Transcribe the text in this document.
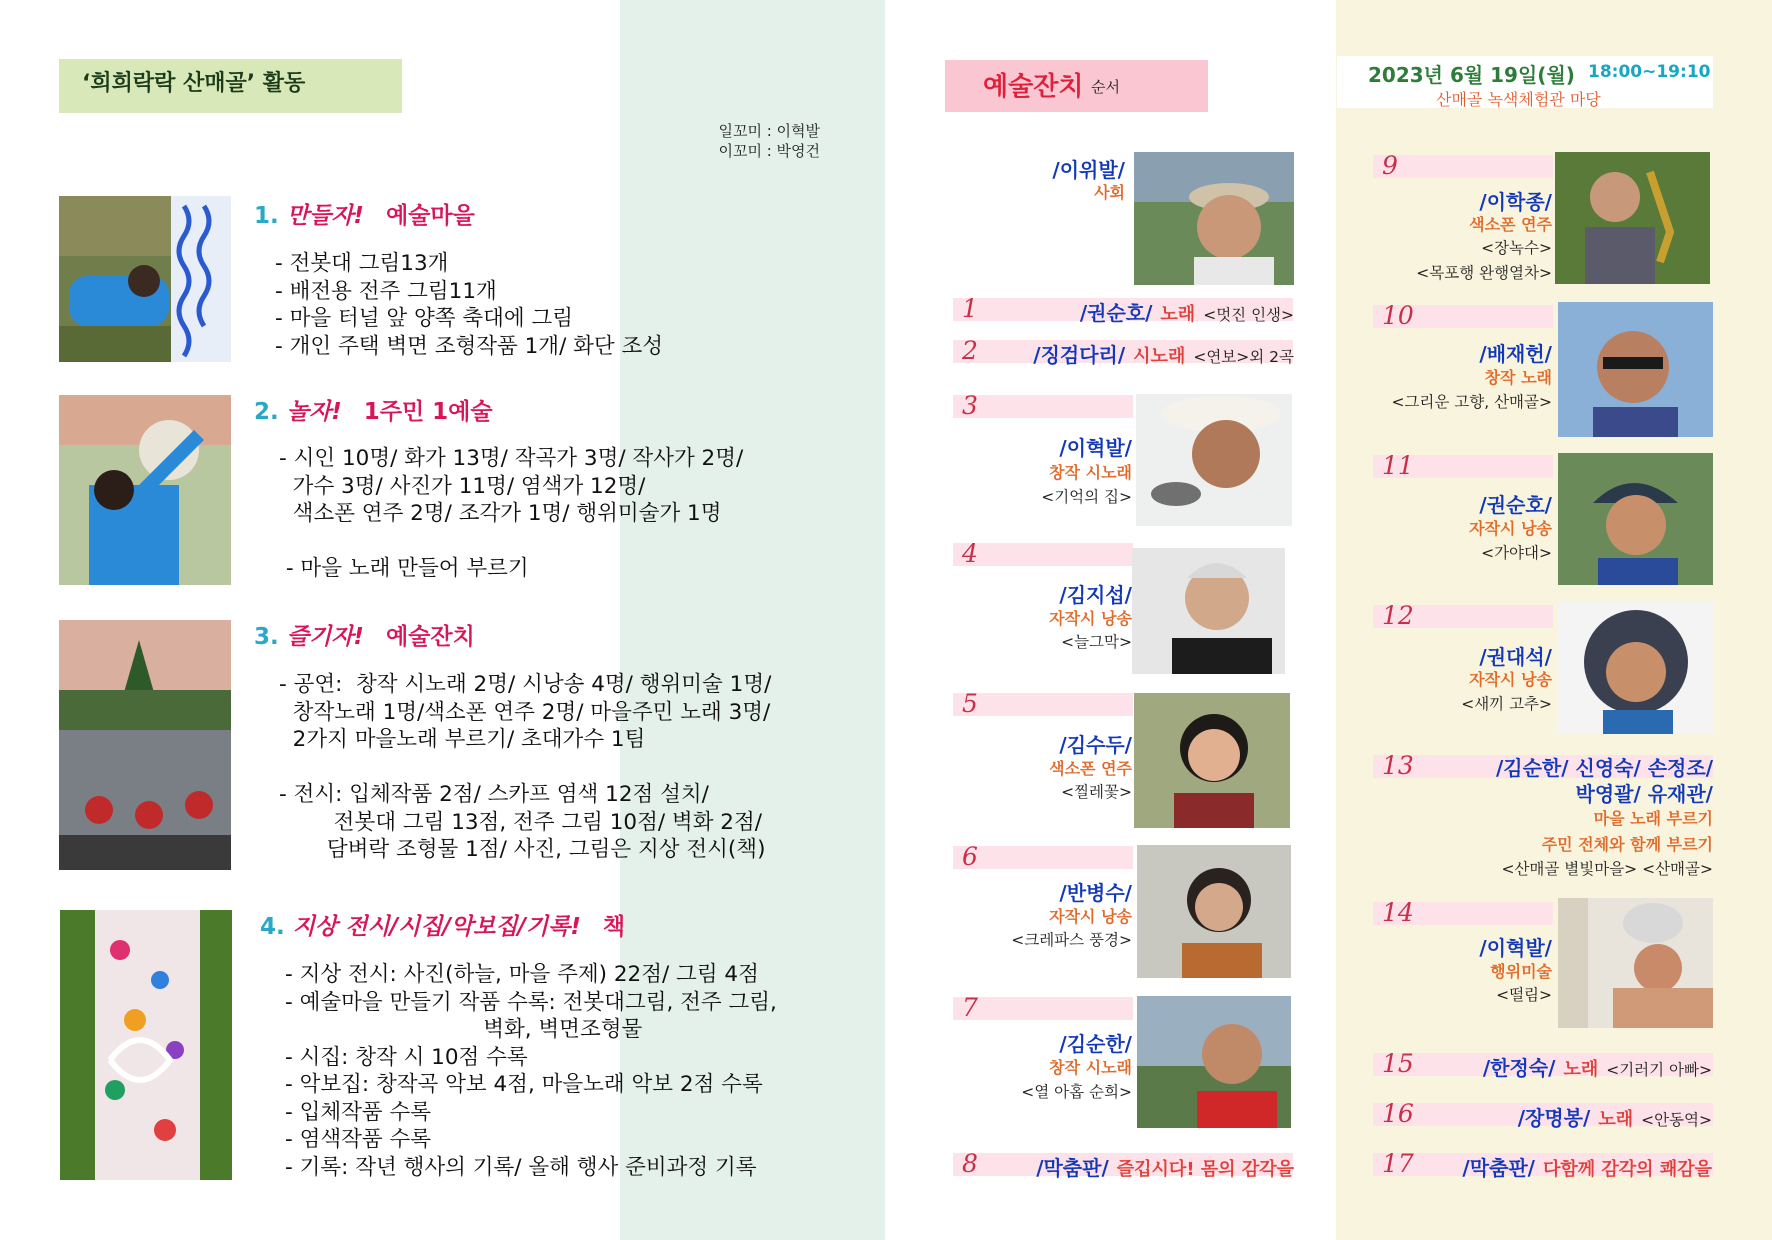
‘희희락락 산매골’ 활동
일꼬미 : 이혁발
이꼬미 : 박영건
1. 만들자! 예술마을
- 전봇대 그림13개
- 배전용 전주 그림11개
- 마을 터널 앞 양쪽 축대에 그림
- 개인 주택 벽면 조형작품 1개/ 화단 조성
2. 놀자! 1주민 1예술
- 시인 10명/ 화가 13명/ 작곡가 3명/ 작사가 2명/
가수 3명/ 사진가 11명/ 염색가 12명/
색소폰 연주 2명/ 조각가 1명/ 행위미술가 1명

- 마을 노래 만들어 부르기
3. 즐기자! 예술잔치
- 공연:  창작 시노래 2명/ 시낭송 4명/ 행위미술 1명/
창작노래 1명/색소폰 연주 2명/ 마을주민 노래 3명/
2가지 마을노래 부르기/ 초대가수 1팀

- 전시: 입체작품 2점/ 스카프 염색 12점 설치/
전봇대 그림 13점, 전주 그림 10점/ 벽화 2점/
담벼락 조형물 1점/ 사진, 그림은 지상 전시(책)
4. 지상 전시/시집/악보집/기록! 책
- 지상 전시: 사진(하늘, 마을 주제) 22점/ 그림 4점
- 예술마을 만들기 작품 수록: 전봇대그림, 전주 그림,
벽화, 벽면조형물
- 시집: 창작 시 10점 수록
- 악보집: 창작곡 악보 4점, 마을노래 악보 2점 수록
- 입체작품 수록
- 염색작품 수록
- 기록: 작년 행사의 기록/ 올해 행사 준비과정 기록
예술잔치 순서	2023년 6월 19일(월) 18:00~19:10
산매골 녹색체험관 마당
1
2
3
4
5
6
7
8
9
10
11
12
13
14
15
16
17
/이위발/
사회
/이혁발/
창작 시노래
<기억의 집>
/김지섭/
자작시 낭송
<늘그막>
/김수두/
색소폰 연주
<찔레꽃>
/반병수/
자작시 낭송
<크레파스 풍경>
/김순한/
창작 시노래
<열 아홉 순희>
/권순호/ 노래 <멋진 인생>
/징검다리/ 시노래 <연보>외 2곡
/막춤판/ 즐깁시다! 몸의 감각을
/이학종/
색소폰 연주
<장녹수>
<목포행 완행열차>
/배재헌/
창작 노래
<그리운 고향, 산매골>
/권순호/
자작시 낭송
<가야대>
/권대석/
자작시 낭송
<새끼 고추>
/김순한/ 신영숙/ 손정조/
박영괄/ 유재관/
마을 노래 부르기
주민 전체와 함께 부르기
<산매골 별빛마을> <산매골>
/이혁발/
행위미술
<떨림>
/한정숙/ 노래 <기러기 아빠>
/장명봉/ 노래 <안동역>
/막춤판/ 다함께 감각의 쾌감을
